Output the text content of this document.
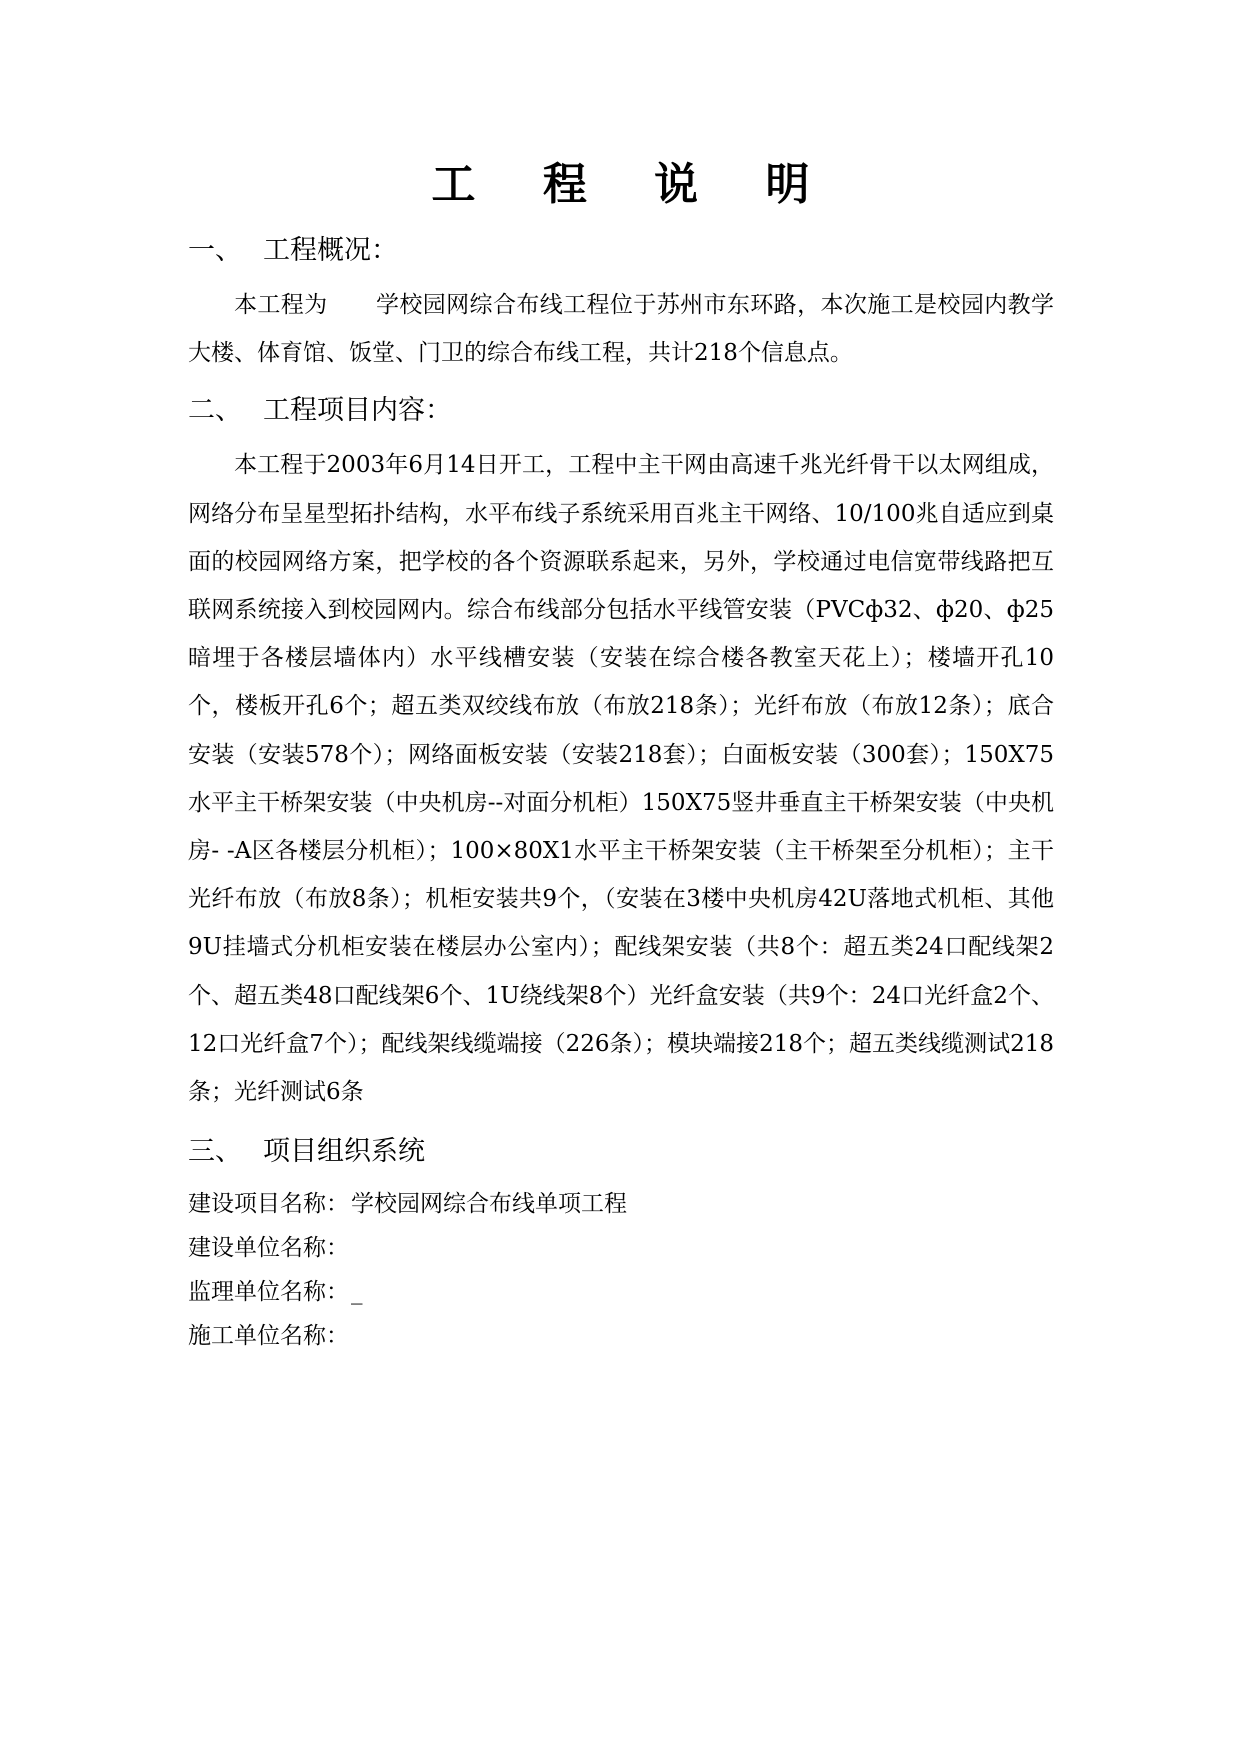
工 程 说 明
一、 工程概况：

本工程为 学校园网综合布线工程位于苏州市东环路，本次施工是校园内教学大楼、体育馆、饭堂、门卫的综合布线工程，共计218个信息点。

二、 工程项目内容：

本工程于2003年6月14日开工，工程中主干网由高速千兆光纤骨干以太网组成，网络分布呈星型拓扑结构，水平布线子系统采用百兆主干网络、10/100兆自适应到桌面的校园网络方案，把学校的各个资源联系起来，另外，学校通过电信宽带线路把互联网系统接入到校园网内。综合布线部分包括水平线管安装（PVCф32、ф20、ф25暗埋于各楼层墙体内）水平线槽安装（安装在综合楼各教室天花上）；楼墙开孔10个，楼板开孔6个；超五类双绞线布放（布放218条）；光纤布放（布放12条）；底合安装（安装578个）；网络面板安装（安装218套）；白面板安装（300套）；150X75水平主干桥架安装（中央机房--对面分机柜）150X75竖井垂直主干桥架安装（中央机房- -A区各楼层分机柜）；100×80X1水平主干桥架安装（主干桥架至分机柜）；主干光纤布放（布放8条）；机柜安装共9个，（安装在3楼中央机房42U落地式机柜、其他9U挂墙式分机柜安装在楼层办公室内）；配线架安装（共8个：超五类24口配线架2个、超五类48口配线架6个、1U绕线架8个）光纤盒安装（共9个：24口光纤盒2个、12口光纤盒7个）；配线架线缆端接（226条）；模块端接218个；超五类线缆测试218条；光纤测试6条

三、 项目组织系统
建设项目名称： 学校园网综合布线单项工程
建设单位名称：
监理单位名称： _
施工单位名称：
